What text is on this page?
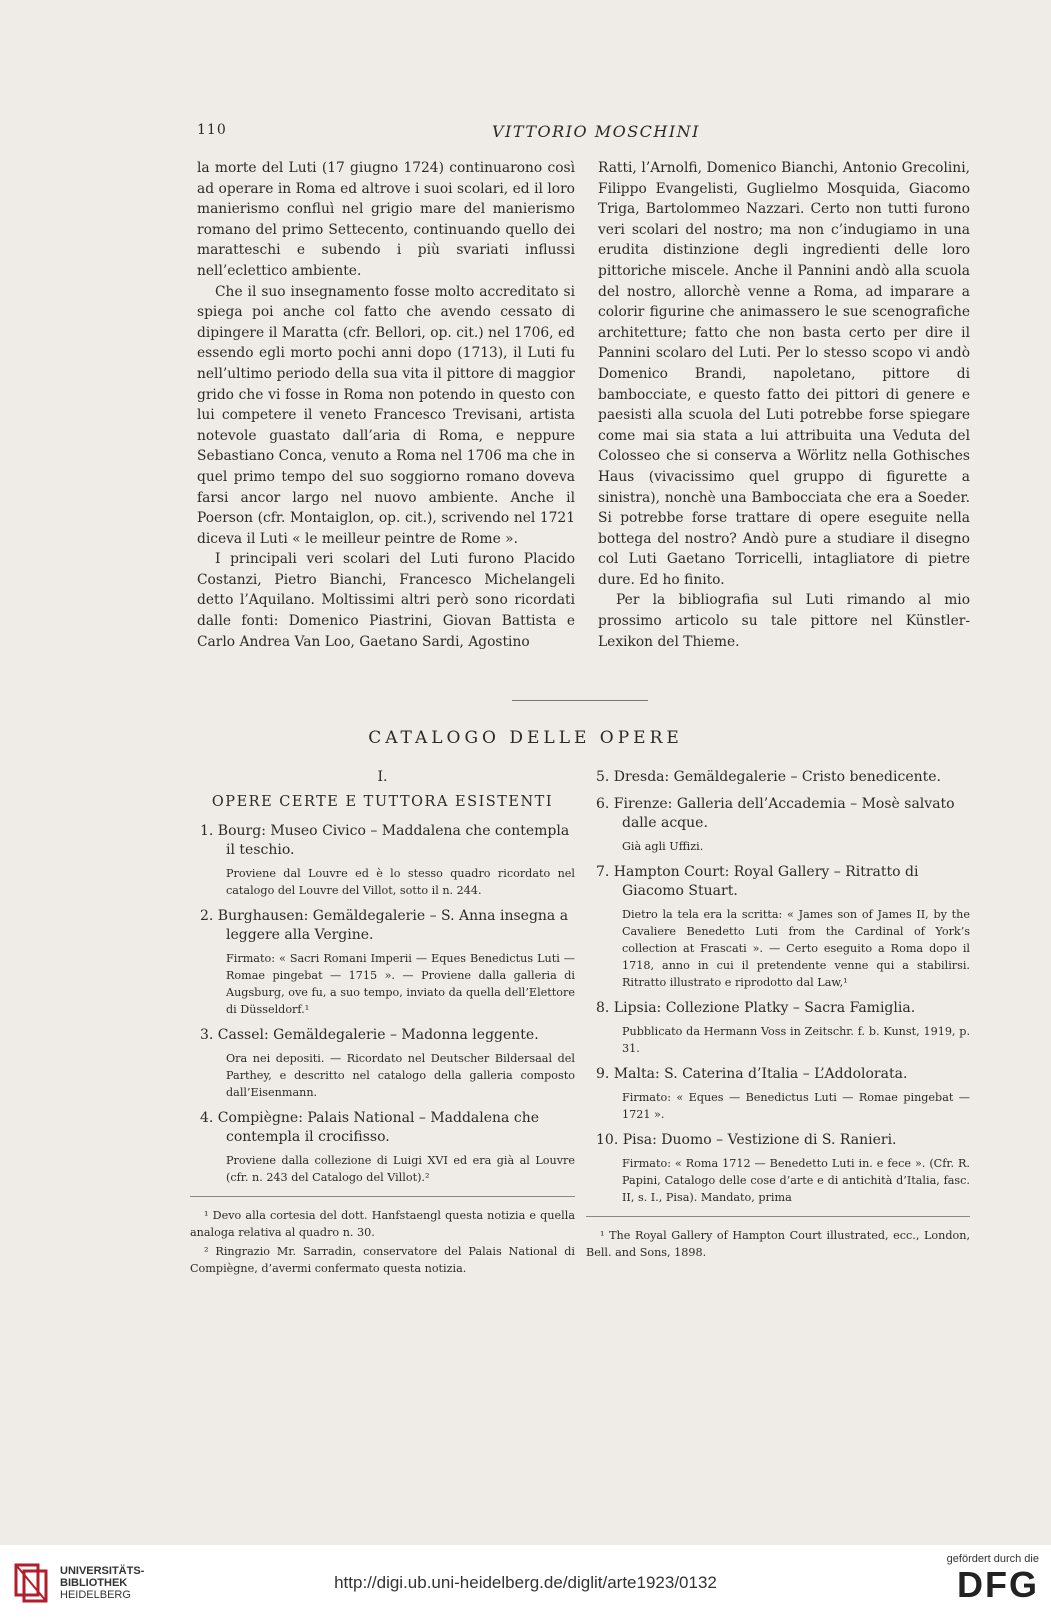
110	VITTORIO MOSCHINI

la morte del Luti (17 giugno 1724) continuarono così ad operare in Roma ed altrove i suoi scolari, ed il loro manierismo confluì nel grigio mare del manierismo romano del primo Settecento, continuando quello dei maratteschi e subendo i più svariati influssi nell’eclettico ambiente.

Che il suo insegnamento fosse molto accreditato si spiega poi anche col fatto che avendo cessato di dipingere il Maratta (cfr. Bellori, op. cit.) nel 1706, ed essendo egli morto pochi anni dopo (1713), il Luti fu nell’ultimo periodo della sua vita il pittore di maggior grido che vi fosse in Roma non potendo in questo con lui competere il veneto Francesco Trevisani, artista notevole guastato dall’aria di Roma, e neppure Sebastiano Conca, venuto a Roma nel 1706 ma che in quel primo tempo del suo soggiorno romano doveva farsi ancor largo nel nuovo ambiente. Anche il Poerson (cfr. Montaiglon, op. cit.), scrivendo nel 1721 diceva il Luti « le meilleur peintre de Rome ».

I principali veri scolari del Luti furono Placido Costanzi, Pietro Bianchi, Francesco Michelangeli detto l’Aquilano. Moltissimi altri però sono ricordati dalle fonti: Domenico Piastrini, Giovan Battista e Carlo Andrea Van Loo, Gaetano Sardi, Agostino

Ratti, l’Arnolfi, Domenico Bianchi, Antonio Grecolini, Filippo Evangelisti, Guglielmo Mosquida, Giacomo Triga, Bartolommeo Nazzari. Certo non tutti furono veri scolari del nostro; ma non c’indugiamo in una erudita distinzione degli ingredienti delle loro pittoriche miscele. Anche il Pannini andò alla scuola del nostro, allorchè venne a Roma, ad imparare a colorir figurine che animassero le sue scenografiche architetture; fatto che non basta certo per dire il Pannini scolaro del Luti. Per lo stesso scopo vi andò Domenico Brandi, napoletano, pittore di bambocciate, e questo fatto dei pittori di genere e paesisti alla scuola del Luti potrebbe forse spiegare come mai sia stata a lui attribuita una Veduta del Colosseo che si conserva a Wörlitz nella Gothisches Haus (vivacissimo quel gruppo di figurette a sinistra), nonchè una Bambocciata che era a Soeder. Si potrebbe forse trattare di opere eseguite nella bottega del nostro? Andò pure a studiare il disegno col Luti Gaetano Torricelli, intagliatore di pietre dure. Ed ho finito.

Per la bibliografia sul Luti rimando al mio prossimo articolo su tale pittore nel Künstler-Lexikon del Thieme.

CATALOGO DELLE OPERE
I.
OPERE CERTE E TUTTORA ESISTENTI
1. Bourg: Museo Civico – Maddalena che contempla il teschio.
Proviene dal Louvre ed è lo stesso quadro ricordato nel catalogo del Louvre del Villot, sotto il n. 244.
2. Burghausen: Gemäldegalerie – S. Anna insegna a leggere alla Vergine.
Firmato: « Sacri Romani Imperii — Eques Benedictus Luti — Romae pingebat — 1715 ». — Proviene dalla galleria di Augsburg, ove fu, a suo tempo, inviato da quella dell’Elettore di Düsseldorf.¹
3. Cassel: Gemäldegalerie – Madonna leggente.
Ora nei depositi. — Ricordato nel Deutscher Bildersaal del Parthey, e descritto nel catalogo della galleria composto dall’Eisenmann.
4. Compiègne: Palais National – Maddalena che contempla il crocifisso.
Proviene dalla collezione di Luigi XVI ed era già al Louvre (cfr. n. 243 del Catalogo del Villot).²

¹ Devo alla cortesia del dott. Hanfstaengl questa notizia e quella analoga relativa al quadro n. 30.

² Ringrazio Mr. Sarradin, conservatore del Palais National di Compiègne, d’avermi confermato questa notizia.

5. Dresda: Gemäldegalerie – Cristo benedicente.
6. Firenze: Galleria dell’Accademia – Mosè salvato dalle acque.
Già agli Uffizi.
7. Hampton Court: Royal Gallery – Ritratto di Giacomo Stuart.
Dietro la tela era la scritta: « James son of James II, by the Cavaliere Benedetto Luti from the Cardinal of York’s collection at Frascati ». — Certo eseguito a Roma dopo il 1718, anno in cui il pretendente venne qui a stabilirsi. Ritratto illustrato e riprodotto dal Law,¹
8. Lipsia: Collezione Platky – Sacra Famiglia.
Pubblicato da Hermann Voss in Zeitschr. f. b. Kunst, 1919, p. 31.
9. Malta: S. Caterina d’Italia – L’Addolorata.
Firmato: « Eques — Benedictus Luti — Romae pingebat — 1721 ».
10. Pisa: Duomo – Vestizione di S. Ranieri.
Firmato: « Roma 1712 — Benedetto Luti in. e fece ». (Cfr. R. Papini, Catalogo delle cose d’arte e di antichità d’Italia, fasc. II, s. I., Pisa). Mandato, prima

¹ The Royal Gallery of Hampton Court illustrated, ecc., London, Bell. and Sons, 1898.

UNIVERSITÄTS-
BIBLIOTHEK
HEIDELBERG
http://digi.ub.uni-heidelberg.de/diglit/arte1923/0132
gefördert durch die
DFG
